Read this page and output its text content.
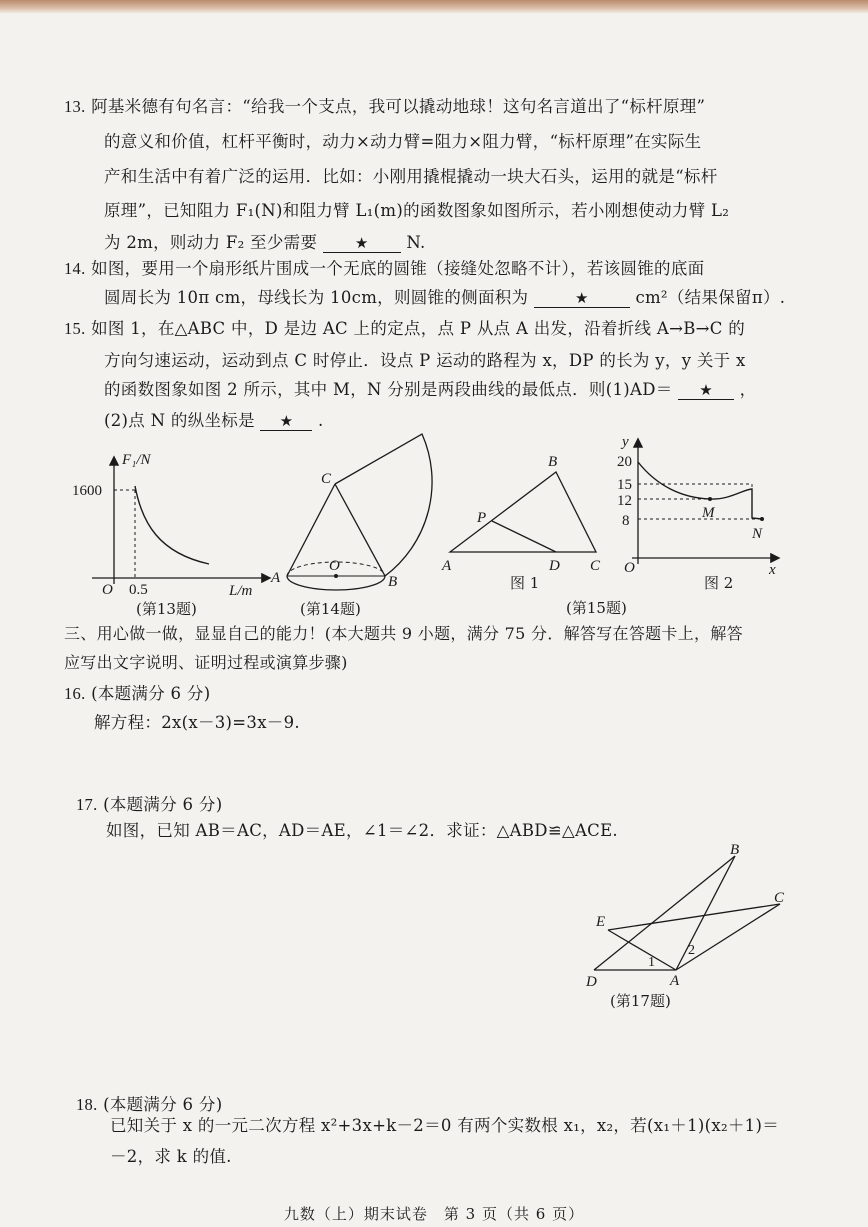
13. 阿基米德有句名言：“给我一个支点，我可以撬动地球！这句名言道出了“标杆原理”
的意义和价值，杠杆平衡时，动力×动力臂=阻力×阻力臂，“标杆原理”在实际生
产和生活中有着广泛的运用．比如：小刚用撬棍撬动一块大石头，运用的就是“标杆
原理”，已知阻力 F₁(N)和阻力臂 L₁(m)的函数图象如图所示，若小刚想使动力臂 L₂
为 2m，则动力 F₂ 至少需要	★ N.
14. 如图，要用一个扇形纸片围成一个无底的圆锥（接缝处忽略不计），若该圆锥的底面
圆周长为 10π cm，母线长为 10cm，则圆锥的侧面积为	★	cm²（结果保留π）.
15. 如图 1，在△ABC 中，D 是边 AC 上的定点，点 P 从点 A 出发，沿着折线 A→B→C 的
方向匀速运动，运动到点 C 时停止．设点 P 运动的路程为 x，DP 的长为 y，y 关于 x
的函数图象如图 2 所示，其中 M，N 分别是两段曲线的最低点．则(1)AD＝ ★ ，
(2)点 N 的纵坐标是 ★ .
F₁/N
1600
O 0.5	L/m
(第13题)
C
A
O
B
(第14题)
B
P
A	D C
图 1
y
20
15
12
8
O	x
M
N
图 2
(第15题)
三、用心做一做，显显自己的能力！(本大题共 9 小题，满分 75 分．解答写在答题卡上，解答
应写出文字说明、证明过程或演算步骤)
16. (本题满分 6 分)
解方程：2x(x－3)=3x－9.
17. (本题满分 6 分)
如图，已知 AB＝AC，AD＝AE，∠1＝∠2．求证：△ABD≌△ACE.
B
C
E
D	A
1
2
(第17题)
18. (本题满分 6 分)
已知关于 x 的一元二次方程 x²+3x+k－2＝0 有两个实数根 x₁，x₂，若(x₁＋1)(x₂＋1)＝
－2，求 k 的值.
九数（上）期末试卷　第 3 页（共 6 页）
